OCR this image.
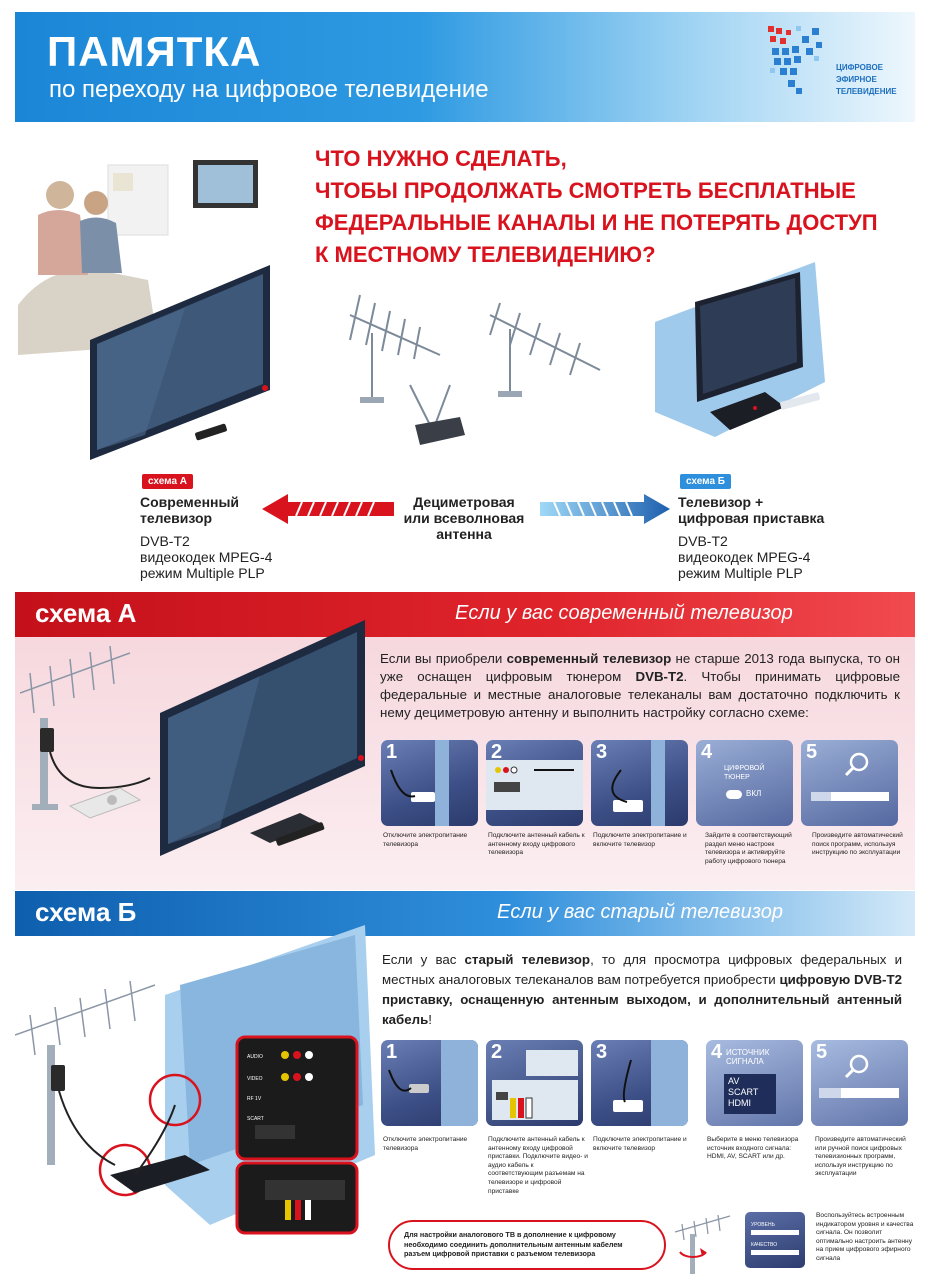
ПАМЯТКА
по переходу на цифровое телевидение
ЦИФРОВОЕ
ЭФИРНОЕ
ТЕЛЕВИДЕНИЕ
ЧТО НУЖНО СДЕЛАТЬ,
ЧТОБЫ ПРОДОЛЖАТЬ СМОТРЕТЬ БЕСПЛАТНЫЕ
ФЕДЕРАЛЬНЫЕ КАНАЛЫ И НЕ ПОТЕРЯТЬ ДОСТУП
К МЕСТНОМУ ТЕЛЕВИДЕНИЮ?
схема А	схема Б
Современный
телевизор
DVB-T2
видеокодек MPEG-4
режим Multiple PLP
Дециметровая
или всеволновая
антенна
Телевизор +
цифровая приставка
DVB-T2
видеокодек MPEG-4
режим Multiple PLP
схема А	Если у вас современный телевизор
Если вы приобрели современный телевизор не старше 2013 года выпуска, то он уже оснащен цифровым тюнером DVB-T2. Чтобы принимать цифровые федеральные и местные аналоговые телеканалы вам достаточно подключить к нему дециметровую антенну и выполнить настройку согласно схеме:
1	2	3	4
ЦИФРОВОЙ ТЮНЕР
ВКЛ
5
Отключите электропитание телевизора
Подключите антенный кабель к антенному входу цифрового телевизора
Подключите электропитание и включите телевизор
Зайдите в соответствующий раздел меню настроек телевизора и активируйте работу цифрового тюнера
Произведите автоматический поиск программ, используя инструкцию по эксплуатации
схема Б	Если у вас старый телевизор
AUDIO
VIDEO
RF 1V
SCART
Если у вас старый телевизор, то для просмотра цифровых федеральных и местных аналоговых телеканалов вам потребуется приобрести цифровую DVB-T2 приставку, оснащенную антенным выходом, и дополнительный антенный кабель!
1	2	3	4 ИСТОЧНИК СИГНАЛА
AV
SCART
HDMI
5
Отключите электропитание телевизора
Подключите антенный кабель к антенному входу цифровой приставки. Подключите видео- и аудио кабель к соответствующим разъемам на телевизоре и цифровой приставке
Подключите электропитание и включите телевизор
Выберите в меню телевизора источник входного сигнала: HDMI, AV, SCART или др.
Произведите автоматический или ручной поиск цифровых телевизионных программ, используя инструкцию по эксплуатации
Для настройки аналогового ТВ в дополнение к цифровому необходимо соединить дополнительным антенным кабелем разъем цифровой приставки с разъемом телевизора
УРОВЕНЬ
КАЧЕСТВО
Воспользуйтесь встроенным индикатором уровня и качества сигнала. Он позволит оптимально настроить антенну на прием цифрового эфирного сигнала
